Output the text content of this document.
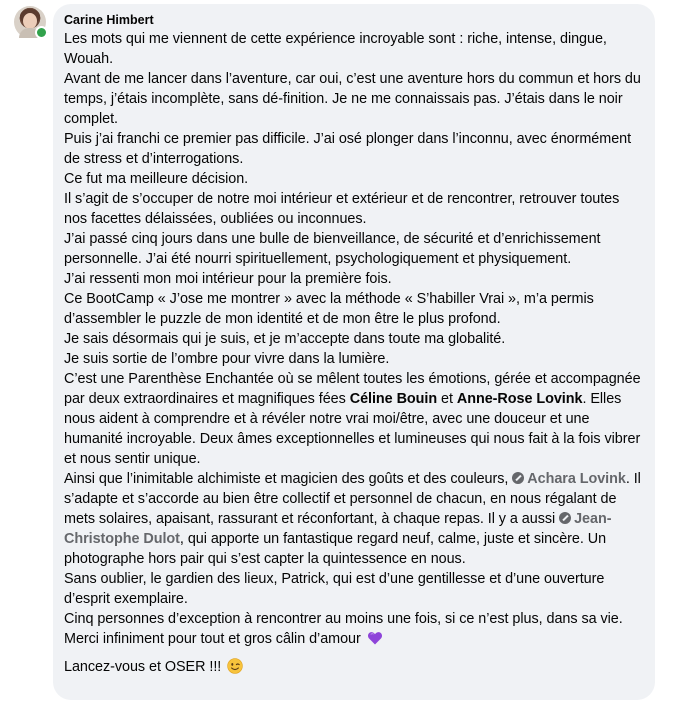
Carine Himbert

Les mots qui me viennent de cette expérience incroyable sont : riche, intense, dingue, Wouah.

Avant de me lancer dans l’aventure, car oui, c’est une aventure hors du commun et hors du temps, j’étais incomplète, sans dé-finition. Je ne me connaissais pas. J’étais dans le noir complet.

Puis j’ai franchi ce premier pas difficile. J’ai osé plonger dans l’inconnu, avec énormément de stress et d’interrogations.

Ce fut ma meilleure décision.

Il s’agit de s’occuper de notre moi intérieur et extérieur et de rencontrer, retrouver toutes nos facettes délaissées, oubliées ou inconnues.

J’ai passé cinq jours dans une bulle de bienveillance, de sécurité et d’enrichissement personnelle. J’ai été nourri spirituellement, psychologiquement et physiquement.

J’ai ressenti mon moi intérieur pour la première fois.

Ce BootCamp « J’ose me montrer » avec la méthode « S’habiller Vrai », m’a permis d’assembler le puzzle de mon identité et de mon être le plus profond.

Je sais désormais qui je suis, et je m’accepte dans toute ma globalité.

Je suis sortie de l’ombre pour vivre dans la lumière.

C’est une Parenthèse Enchantée où se mêlent toutes les émotions, gérée et accompagnée par deux extraordinaires et magnifiques fées Céline Bouin et Anne-Rose Lovink. Elles nous aident à comprendre et à révéler notre vrai moi/être, avec une douceur et une humanité incroyable. Deux âmes exceptionnelles et lumineuses qui nous fait à la fois vibrer et nous sentir unique.

Ainsi que l’inimitable alchimiste et magicien des goûts et des couleurs, Achara Lovink. Il s’adapte et s’accorde au bien être collectif et personnel de chacun, en nous régalant de mets solaires, apaisant, rassurant et réconfortant, à chaque repas. Il y a aussi Jean-Christophe Dulot, qui apporte un fantastique regard neuf, calme, juste et sincère. Un photographe hors pair qui s’est capter la quintessence en nous.

Sans oublier, le gardien des lieux, Patrick, qui est d’une gentillesse et d’une ouverture d’esprit exemplaire.

Cinq personnes d’exception à rencontrer au moins une fois, si ce n’est plus, dans sa vie.

Merci infiniment pour tout et gros câlin d’amour

Lancez-vous et OSER !!!
